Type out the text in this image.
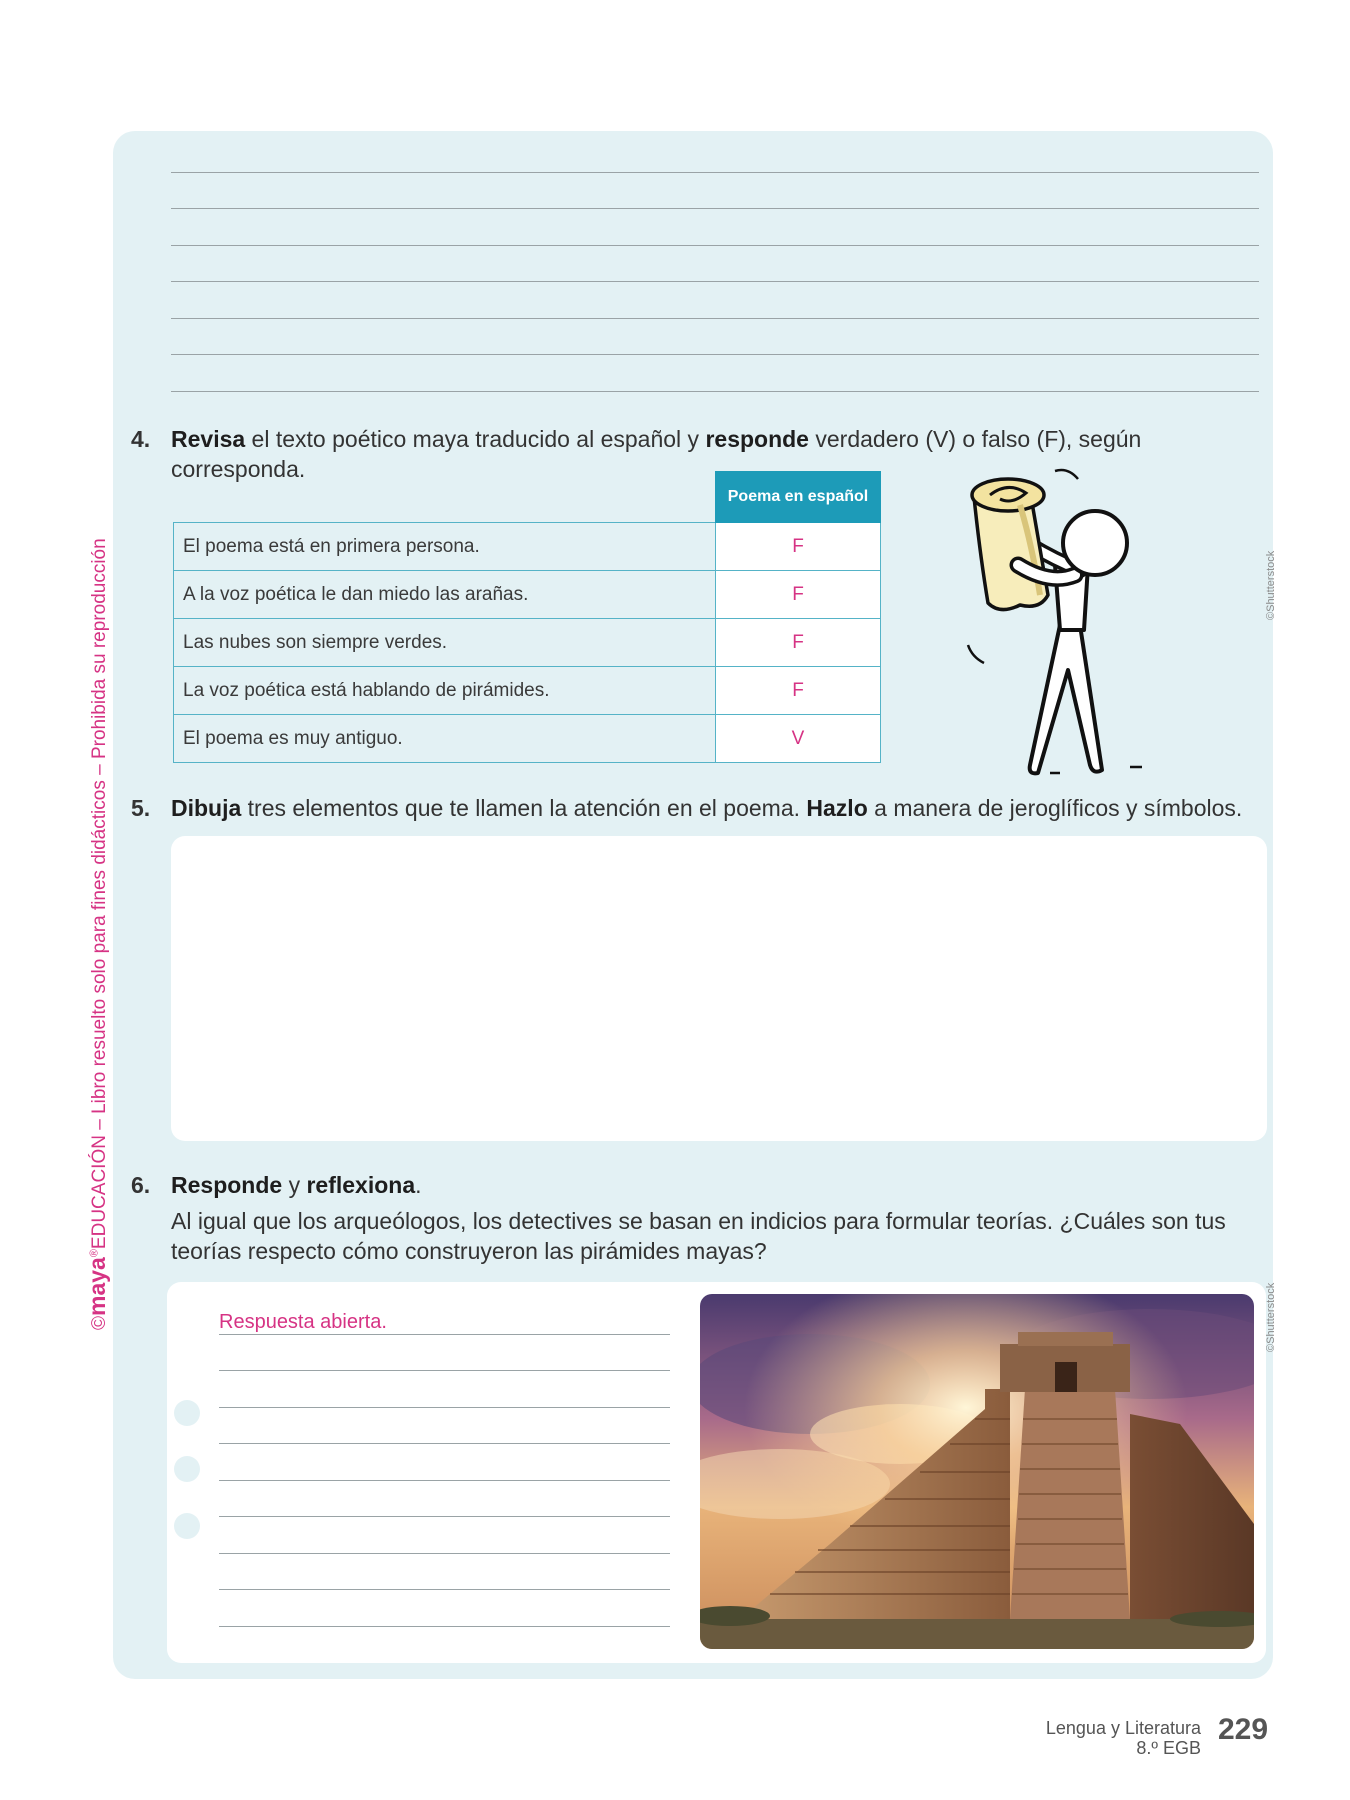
©maya®EDUCACIÓN – Libro resuelto solo para fines didácticos – Prohibida su reproducción
4. Revisa el texto poético maya traducido al español y responde verdadero (V) o falso (F), según corresponda.
	Poema en español
El poema está en primera persona.	F
A la voz poética le dan miedo las arañas.	F
Las nubes son siempre verdes.	F
La voz poética está hablando de pirámides.	F
El poema es muy antiguo.	V
©Shutterstock
5. Dibuja tres elementos que te llamen la atención en el poema. Hazlo a manera de jeroglíficos y símbolos.
6. Responde y reflexiona.
Al igual que los arqueólogos, los detectives se basan en indicios para formular teorías. ¿Cuáles son tus teorías respecto cómo construyeron las pirámides mayas?
Respuesta abierta.	©Shutterstock
Lengua y Literatura
8.º EGB
229
